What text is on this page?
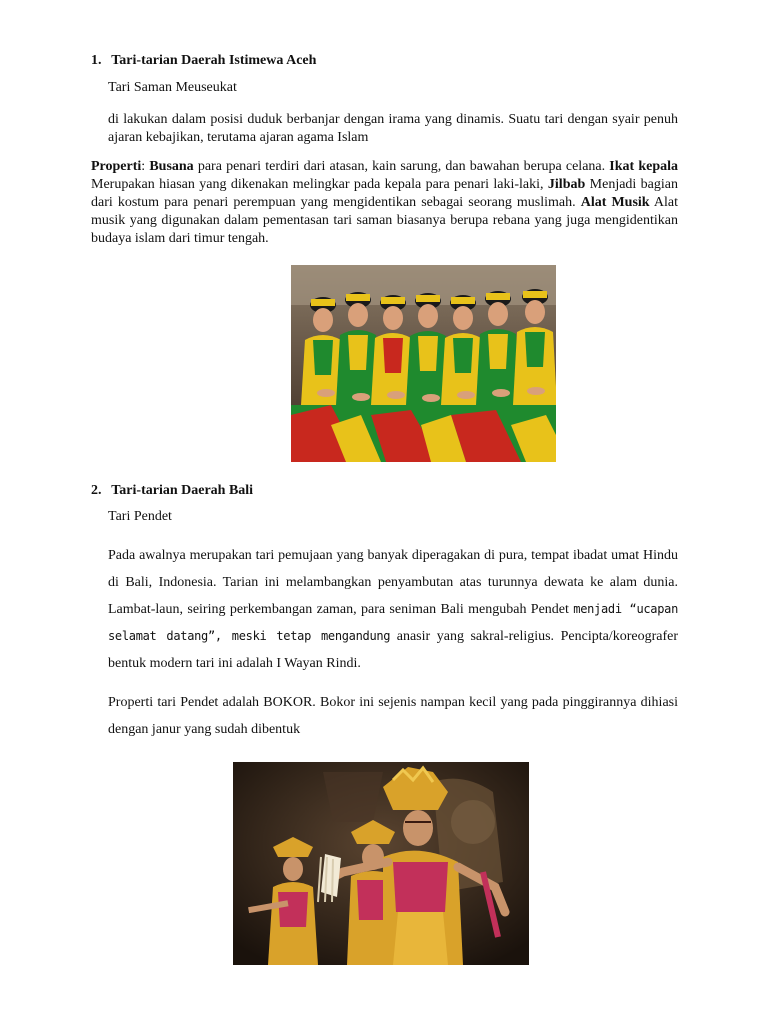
1. Tari-tarian Daerah Istimewa Aceh
Tari Saman Meuseukat
di lakukan dalam posisi duduk berbanjar dengan irama yang dinamis. Suatu tari dengan syair penuh ajaran kebajikan, terutama ajaran agama Islam
Properti: Busana para penari terdiri dari atasan, kain sarung, dan bawahan berupa celana. Ikat kepala Merupakan hiasan yang dikenakan melingkar pada kepala para penari laki-laki, Jilbab Menjadi bagian dari kostum para penari perempuan yang mengidentikan sebagai seorang muslimah. Alat Musik Alat musik yang digunakan dalam pementasan tari saman biasanya berupa rebana yang juga mengidentikan budaya islam dari timur tengah.
2. Tari-tarian Daerah Bali
Tari Pendet
Pada awalnya merupakan tari pemujaan yang banyak diperagakan di pura, tempat ibadat umat Hindu di Bali, Indonesia. Tarian ini melambangkan penyambutan atas turunnya dewata ke alam dunia. Lambat-laun, seiring perkembangan zaman, para seniman Bali mengubah Pendet menjadi “ucapan selamat datang”, meski tetap mengandung anasir yang sakral-religius. Pencipta/koreografer bentuk modern tari ini adalah I Wayan Rindi.
Properti tari Pendet adalah BOKOR. Bokor ini sejenis nampan kecil yang pada pinggirannya dihiasi dengan janur yang sudah dibentuk
